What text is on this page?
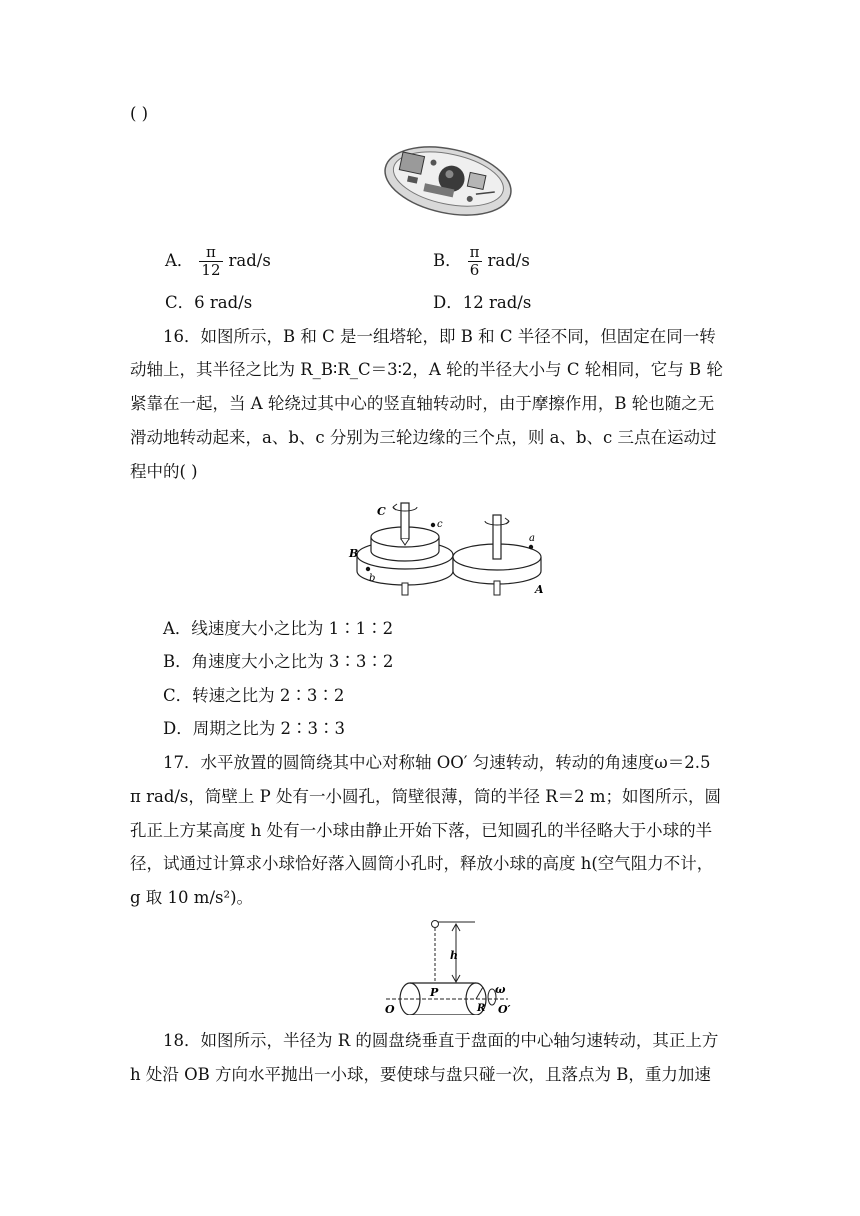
( )
A． $\frac{\pi}{12} rad/s$	B． $\frac{\pi}{6} rad/s$
C．6 rad/s	D．12 rad/s
16．如图所示，B 和 C 是一组塔轮，即 B 和 C 半径不同，但固定在同一转
动轴上，其半径之比为 R_B∶R_C＝3∶2，A 轮的半径大小与 C 轮相同，它与 B 轮
紧靠在一起，当 A 轮绕过其中心的竖直轴转动时，由于摩擦作用，B 轮也随之无
滑动地转动起来，a、b、c 分别为三轮边缘的三个点，则 a、b、c 三点在运动过
程中的( )
C
c
B
b
a
A
A．线速度大小之比为 1∶1∶2
B．角速度大小之比为 3∶3∶2
C．转速之比为 2∶3∶2
D．周期之比为 2∶3∶3
17．水平放置的圆筒绕其中心对称轴 OO′ 匀速转动，转动的角速度ω＝2.5
π rad/s，筒壁上 P 处有一小圆孔，筒壁很薄，筒的半径 R＝2 m；如图所示，圆
孔正上方某高度 h 处有一小球由静止开始下落，已知圆孔的半径略大于小球的半
径，试通过计算求小球恰好落入圆筒小孔时，释放小球的高度 h(空气阻力不计，
g 取 10 m/s²)。
h
O
P
R
ω
O′
18．如图所示，半径为 R 的圆盘绕垂直于盘面的中心轴匀速转动，其正上方
h 处沿 OB 方向水平抛出一小球，要使球与盘只碰一次，且落点为 B，重力加速
